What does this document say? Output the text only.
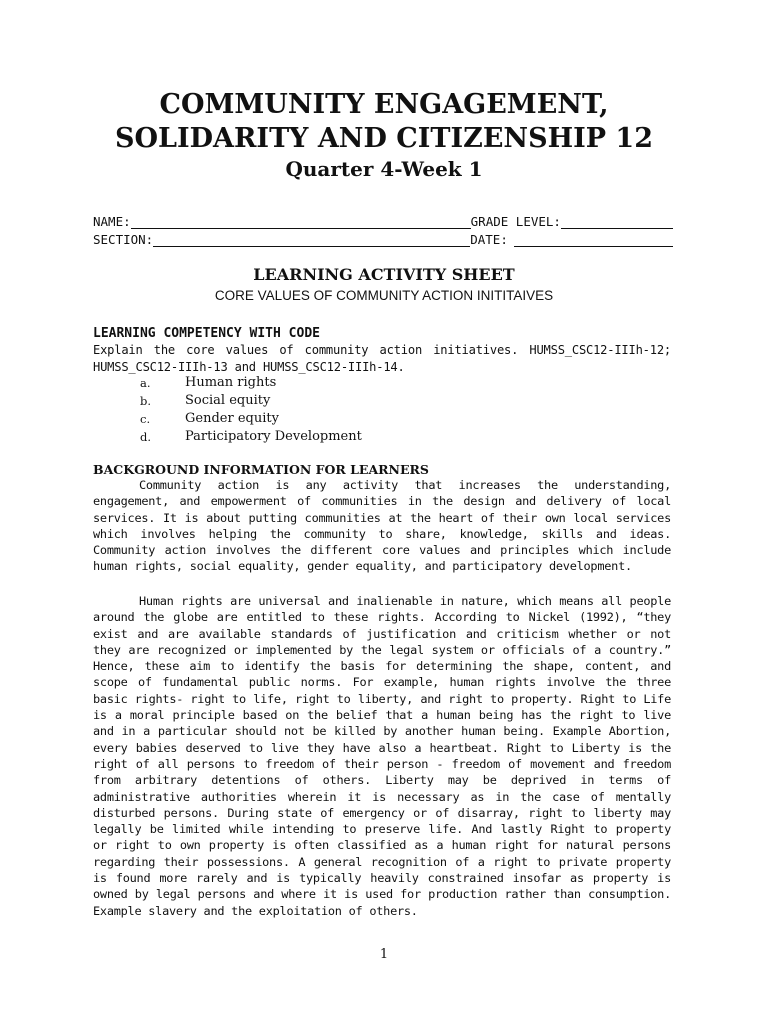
COMMUNITY ENGAGEMENT,
SOLIDARITY AND CITIZENSHIP 12
Quarter 4-Week 1
NAME:	GRADE LEVEL:
SECTION:	DATE:
LEARNING ACTIVITY SHEET
CORE VALUES OF COMMUNITY ACTION INITITAIVES
LEARNING COMPETENCY WITH CODE
Explain the core values of community action initiatives. HUMSS_CSC12-IIIh-12; HUMSS_CSC12-IIIh-13 and HUMSS_CSC12-IIIh-14.
a.	Human rights
b.	Social equity
c.	Gender equity
d.	Participatory Development
BACKGROUND INFORMATION FOR LEARNERS

Community action is any activity that increases the understanding, engagement, and empowerment of communities in the design and delivery of local services. It is about putting communities at the heart of their own local services which involves helping the community to share, knowledge, skills and ideas. Community action involves the different core values and principles which include human rights, social equality, gender equality, and participatory development.

Human rights are universal and inalienable in nature, which means all people around the globe are entitled to these rights. According to Nickel (1992), “they exist and are available standards of justification and criticism whether or not they are recognized or implemented by the legal system or officials of a country.” Hence, these aim to identify the basis for determining the shape, content, and scope of fundamental public norms. For example, human rights involve the three basic rights- right to life, right to liberty, and right to property. Right to Life is a moral principle based on the belief that a human being has the right to live and in a particular should not be killed by another human being. Example Abortion, every babies deserved to live they have also a heartbeat. Right to Liberty is the right of all persons to freedom of their person - freedom of movement and freedom from arbitrary detentions of others. Liberty may be deprived in terms of administrative authorities wherein it is necessary as in the case of mentally disturbed persons. During state of emergency or of disarray, right to liberty may legally be limited while intending to preserve life. And lastly Right to property or right to own property is often classified as a human right for natural persons regarding their possessions. A general recognition of a right to private property is found more rarely and is typically heavily constrained insofar as property is owned by legal persons and where it is used for production rather than consumption. Example slavery and the exploitation of others.

1
